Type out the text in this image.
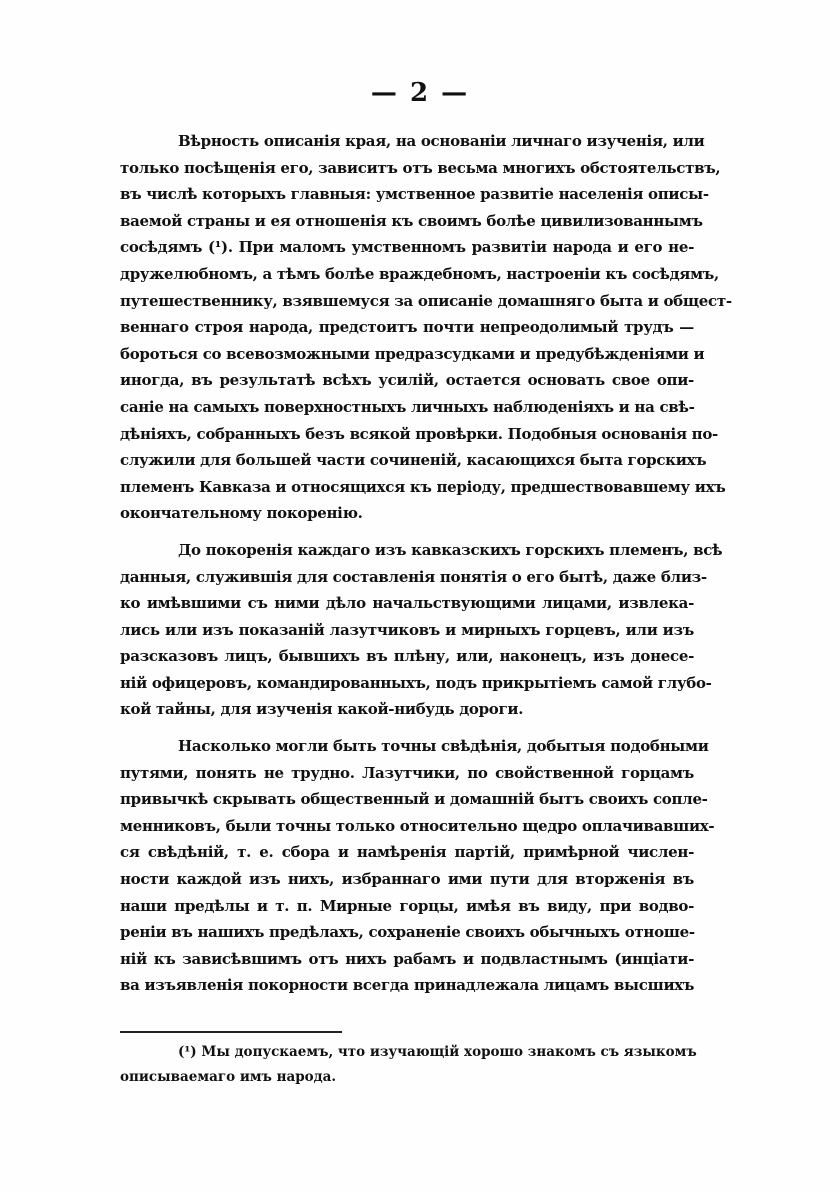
— 2 —
Вѣрность описанія края, на основаніи личнаго изученія, или
только посѣщенія его, зависитъ отъ весьма многихъ обстоятельствъ,
въ числѣ которыхъ главныя: умственное развитіе населенія описы-
ваемой страны и ея отношенія къ своимъ болѣе цивилизованнымъ
сосѣдямъ (¹). При маломъ умственномъ развитіи народа и его не-
дружелюбномъ, а тѣмъ болѣе враждебномъ, настроеніи къ сосѣдямъ,
путешественнику, взявшемуся за описаніе домашняго быта и общест-
веннаго строя народа, предстоитъ почти непреодолимый трудъ —
бороться со всевозможными предразсудками и предубѣжденіями и
иногда, въ результатѣ всѣхъ усилій, остается основать свое опи-
саніе на самыхъ поверхностныхъ личныхъ наблюденіяхъ и на свѣ-
дѣніяхъ, собранныхъ безъ всякой провѣрки. Подобныя основанія по-
служили для большей части сочиненій, касающихся быта горскихъ
племенъ Кавказа и относящихся къ періоду, предшествовавшему ихъ
окончательному покоренію.
До покоренія каждаго изъ кавказскихъ горскихъ племенъ, всѣ
данныя, служившія для составленія понятія о его бытѣ, даже близ-
ко имѣвшими съ ними дѣло начальствующими лицами, извлека-
лись или изъ показаній лазутчиковъ и мирныхъ горцевъ, или изъ
разсказовъ лицъ, бывшихъ въ плѣну, или, наконецъ, изъ донесе-
ній офицеровъ, командированныхъ, подъ прикрытіемъ самой глубо-
кой тайны, для изученія какой-нибудь дороги.
Насколько могли быть точны свѣдѣнія, добытыя подобными
путями, понять не трудно. Лазутчики, по свойственной горцамъ
привычкѣ скрывать общественный и домашній бытъ своихъ сопле-
менниковъ, были точны только относительно щедро оплачивавших-
ся свѣдѣній, т. е. сбора и намѣренія партій, примѣрной числен-
ности каждой изъ нихъ, избраннаго ими пути для вторженія въ
наши предѣлы и т. п. Мирные горцы, имѣя въ виду, при водво-
реніи въ нашихъ предѣлахъ, сохраненіе своихъ обычныхъ отноше-
ній къ зависѣвшимъ отъ нихъ рабамъ и подвластнымъ (инціати-
ва изъявленія покорности всегда принадлежала лицамъ высшихъ
(¹) Мы допускаемъ, что изучающій хорошо знакомъ съ языкомъ
описываемаго имъ народа.
